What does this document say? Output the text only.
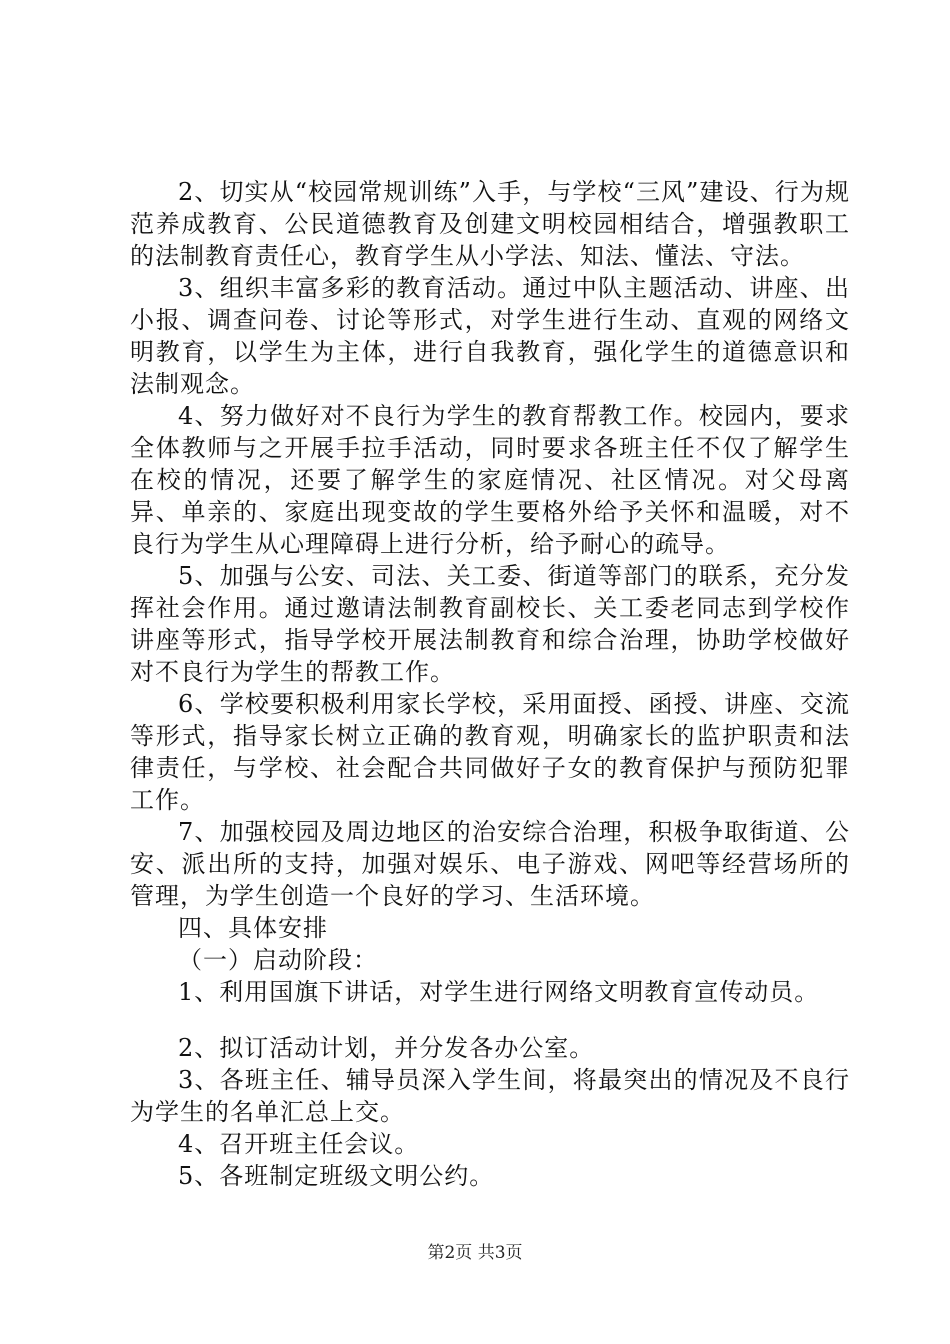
2、切实从“校园常规训练”入手，与学校“三风”建设、行为规范养成教育、公民道德教育及创建文明校园相结合，增强教职工的法制教育责任心，教育学生从小学法、知法、懂法、守法。

3、组织丰富多彩的教育活动。通过中队主题活动、讲座、出小报、调查问卷、讨论等形式，对学生进行生动、直观的网络文明教育，以学生为主体，进行自我教育，强化学生的道德意识和法制观念。

4、努力做好对不良行为学生的教育帮教工作。校园内，要求全体教师与之开展手拉手活动，同时要求各班主任不仅了解学生在校的情况，还要了解学生的家庭情况、社区情况。对父母离异、单亲的、家庭出现变故的学生要格外给予关怀和温暖，对不良行为学生从心理障碍上进行分析，给予耐心的疏导。

5、加强与公安、司法、关工委、街道等部门的联系，充分发挥社会作用。通过邀请法制教育副校长、关工委老同志到学校作讲座等形式，指导学校开展法制教育和综合治理，协助学校做好对不良行为学生的帮教工作。

6、学校要积极利用家长学校，采用面授、函授、讲座、交流等形式，指导家长树立正确的教育观，明确家长的监护职责和法律责任，与学校、社会配合共同做好子女的教育保护与预防犯罪工作。

7、加强校园及周边地区的治安综合治理，积极争取街道、公安、派出所的支持，加强对娱乐、电子游戏、网吧等经营场所的管理，为学生创造一个良好的学习、生活环境。

四、具体安排

（一）启动阶段：

1、利用国旗下讲话，对学生进行网络文明教育宣传动员。

2、拟订活动计划，并分发各办公室。

3、各班主任、辅导员深入学生间，将最突出的情况及不良行为学生的名单汇总上交。

4、召开班主任会议。

5、各班制定班级文明公约。

第2页 共3页
